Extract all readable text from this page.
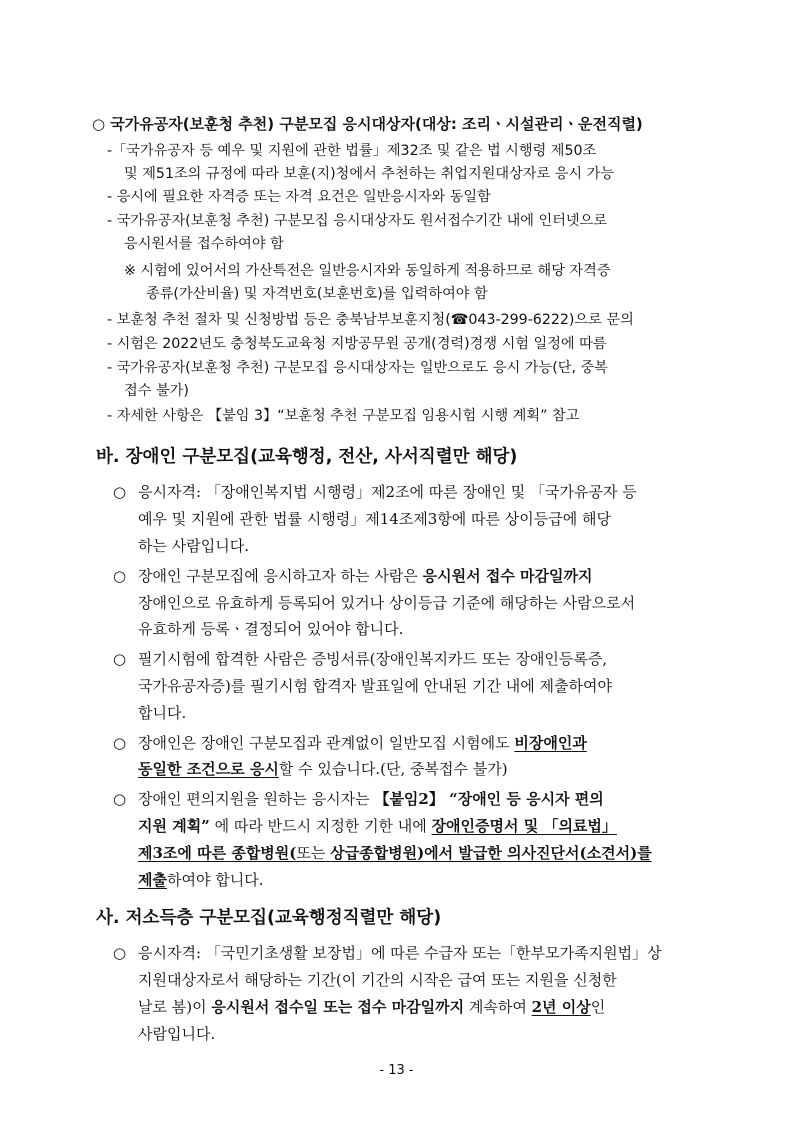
○ 국가유공자(보훈청 추천) 구분모집 응시대상자(대상: 조리ㆍ시설관리ㆍ운전직렬)
-「국가유공자 등 예우 및 지원에 관한 법률」제32조 및 같은 법 시행령 제50조
및 제51조의 규정에 따라 보훈(지)청에서 추천하는 취업지원대상자로 응시 가능
- 응시에 필요한 자격증 또는 자격 요건은 일반응시자와 동일함
- 국가유공자(보훈청 추천) 구분모집 응시대상자도 원서접수기간 내에 인터넷으로
응시원서를 접수하여야 함
※ 시험에 있어서의 가산특전은 일반응시자와 동일하게 적용하므로 해당 자격증
종류(가산비율) 및 자격번호(보훈번호)를 입력하여야 함
- 보훈청 추천 절차 및 신청방법 등은 충북남부보훈지청(☎043-299-6222)으로 문의
- 시험은 2022년도 충청북도교육청 지방공무원 공개(경력)경쟁 시험 일정에 따름
- 국가유공자(보훈청 추천) 구분모집 응시대상자는 일반으로도 응시 가능(단, 중복
접수 불가)
- 자세한 사항은 【붙임 3】“보훈청 추천 구분모집 임용시험 시행 계획” 참고
바. 장애인 구분모집(교육행정, 전산, 사서직렬만 해당)
○ 응시자격: 「장애인복지법 시행령」제2조에 따른 장애인 및 「국가유공자 등
예우 및 지원에 관한 법률 시행령」제14조제3항에 따른 상이등급에 해당
하는 사람입니다.
○ 장애인 구분모집에 응시하고자 하는 사람은 응시원서 접수 마감일까지
장애인으로 유효하게 등록되어 있거나 상이등급 기준에 해당하는 사람으로서
유효하게 등록ㆍ결정되어 있어야 합니다.
○ 필기시험에 합격한 사람은 증빙서류(장애인복지카드 또는 장애인등록증,
국가유공자증)를 필기시험 합격자 발표일에 안내된 기간 내에 제출하여야
합니다.
○ 장애인은 장애인 구분모집과 관계없이 일반모집 시험에도 비장애인과
동일한 조건으로 응시할 수 있습니다.(단, 중복접수 불가)
○ 장애인 편의지원을 원하는 응시자는 【붙임2】 “장애인 등 응시자 편의
지원 계획” 에 따라 반드시 지정한 기한 내에 장애인증명서 및 「의료법」
제3조에 따른 종합병원(또는 상급종합병원)에서 발급한 의사진단서(소견서)를
제출하여야 합니다.
사. 저소득층 구분모집(교육행정직렬만 해당)
○ 응시자격: 「국민기초생활 보장법」에 따른 수급자 또는「한부모가족지원법」상
지원대상자로서 해당하는 기간(이 기간의 시작은 급여 또는 지원을 신청한
날로 봄)이 응시원서 접수일 또는 접수 마감일까지 계속하여 2년 이상인
- 13 -
사람입니다.
